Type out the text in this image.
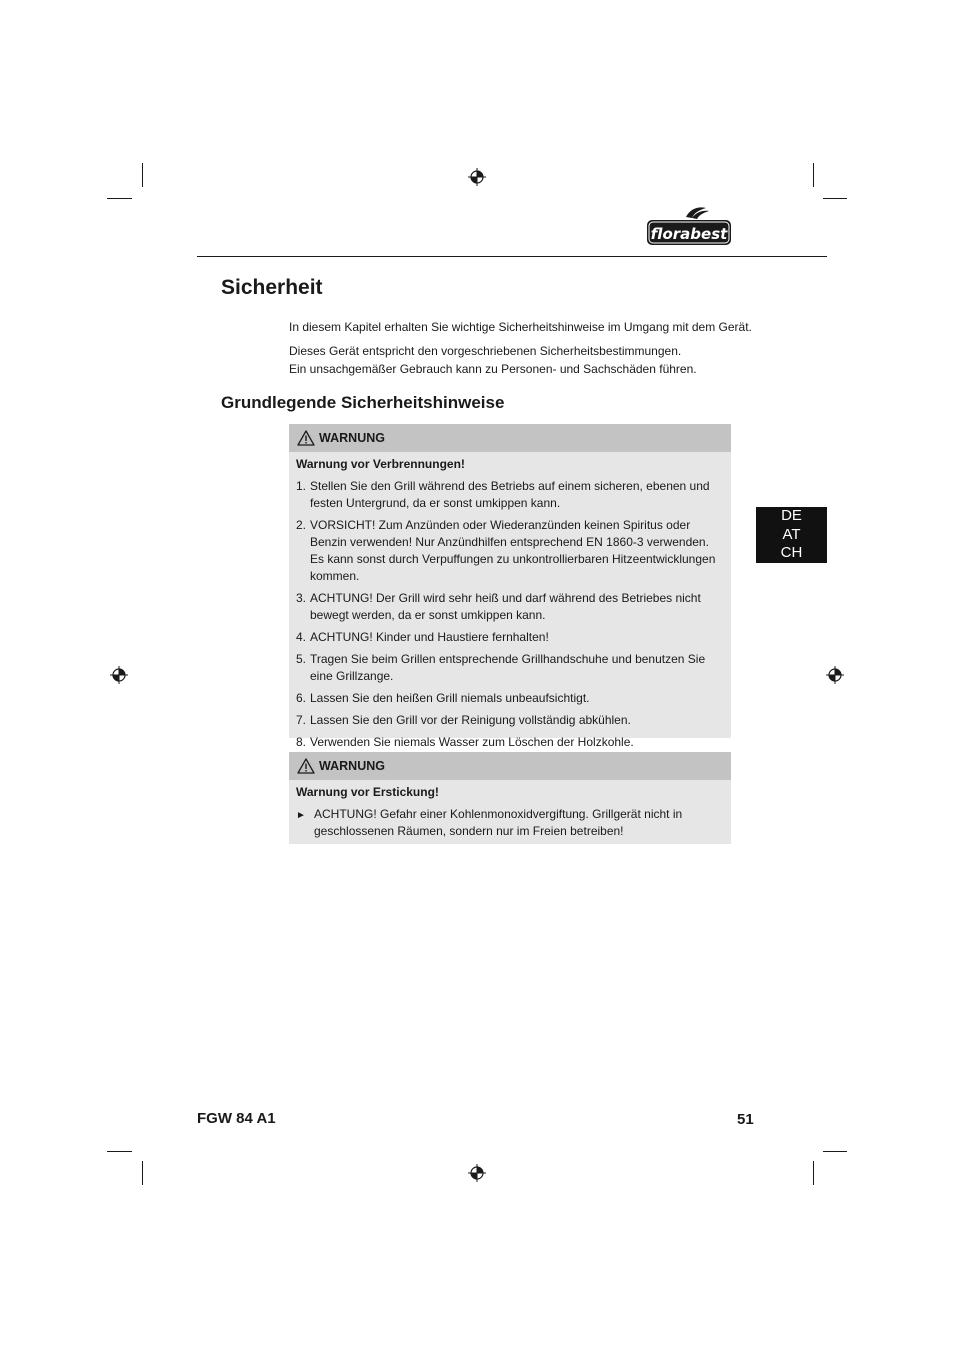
florabest
Sicherheit

In diesem Kapitel erhalten Sie wichtige Sicherheitshinweise im Umgang mit dem Gerät.

Dieses Gerät entspricht den vorgeschriebenen Sicherheitsbestimmungen.

Ein unsachgemäßer Gebrauch kann zu Personen- und Sachschäden führen.

Grundlegende Sicherheitshinweise
DE
AT
CH
WARNUNG

Warnung vor Verbrennungen!

1. Stellen Sie den Grill während des Betriebs auf einem sicheren, ebenen und festen Untergrund, da er sonst umkippen kann.
2. VORSICHT! Zum Anzünden oder Wiederanzünden keinen Spiritus oder Benzin verwenden! Nur Anzündhilfen entsprechend EN 1860-3 verwenden. Es kann sonst durch Verpuffungen zu unkontrollierbaren Hitzeentwicklungen kommen.
3. ACHTUNG! Der Grill wird sehr heiß und darf während des Betriebes nicht bewegt werden, da er sonst umkippen kann.
4. ACHTUNG! Kinder und Haustiere fernhalten!
5. Tragen Sie beim Grillen entsprechende Grillhandschuhe und benutzen Sie eine Grillzange.
6. Lassen Sie den heißen Grill niemals unbeaufsichtigt.
7. Lassen Sie den Grill vor der Reinigung vollständig abkühlen.
8. Verwenden Sie niemals Wasser zum Löschen der Holzkohle.
WARNUNG

Warnung vor Erstickung!

► ACHTUNG! Gefahr einer Kohlenmonoxidvergiftung. Grillgerät nicht in geschlossenen Räumen, sondern nur im Freien betreiben!

FGW 84 A1	51
